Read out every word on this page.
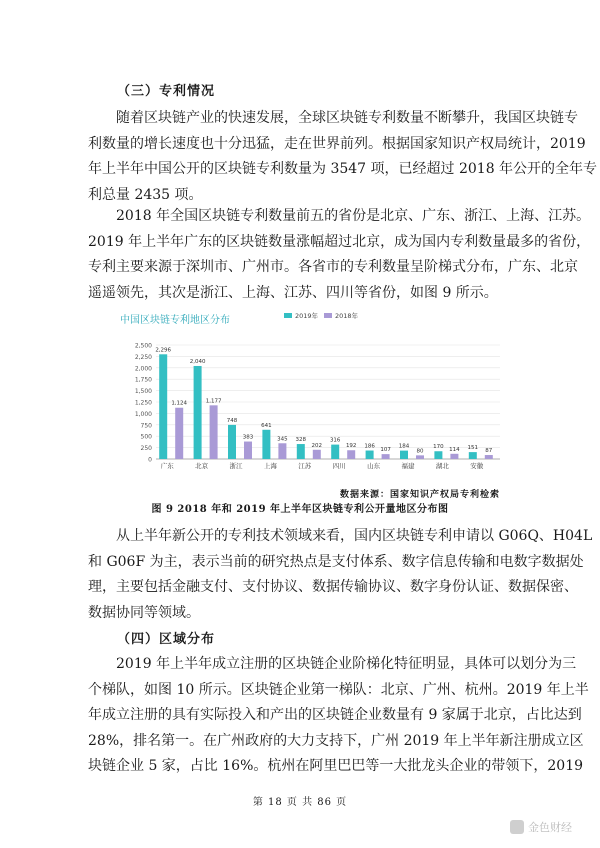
（三）专利情况
随着区块链产业的快速发展，全球区块链专利数量不断攀升，我国区块链专
利数量的增长速度也十分迅猛，走在世界前列。根据国家知识产权局统计，2019
年上半年中国公开的区块链专利数量为 3547 项，已经超过 2018 年公开的全年专
利总量 2435 项。
2018 年全国区块链专利数量前五的省份是北京、广东、浙江、上海、江苏。
2019 年上半年广东的区块链数量涨幅超过北京，成为国内专利数量最多的省份，
专利主要来源于深圳市、广州市。各省市的专利数量呈阶梯式分布，广东、北京
遥遥领先，其次是浙江、上海、江苏、四川等省份，如图 9 所示。
中国区块链专利地区分布
0
250
500
750
1,000
1,250
1,500
1,750
2,000
2,250
2,500
2019年	2018年
2,296
1,124
广东
2,040
1,177
北京
748
383
浙江
641
345
上海
328
202
江苏
316
192
四川
186
107
山东
184
80
福建
170 114
湖北
151 87
安徽
数据来源：国家知识产权局专利检索
图 9 2018 年和 2019 年上半年区块链专利公开量地区分布图
从上半年新公开的专利技术领域来看，国内区块链专利申请以 G06Q、H04L
和 G06F 为主，表示当前的研究热点是支付体系、数字信息传输和电数字数据处
理，主要包括金融支付、支付协议、数据传输协议、数字身份认证、数据保密、
数据协同等领域。
（四）区域分布
2019 年上半年成立注册的区块链企业阶梯化特征明显，具体可以划分为三
个梯队，如图 10 所示。区块链企业第一梯队：北京、广州、杭州。2019 年上半
年成立注册的具有实际投入和产出的区块链企业数量有 9 家属于北京，占比达到
28%，排名第一。在广州政府的大力支持下，广州 2019 年上半年新注册成立区
块链企业 5 家，占比 16%。杭州在阿里巴巴等一大批龙头企业的带领下，2019
第 18 页 共 86 页
金色财经
